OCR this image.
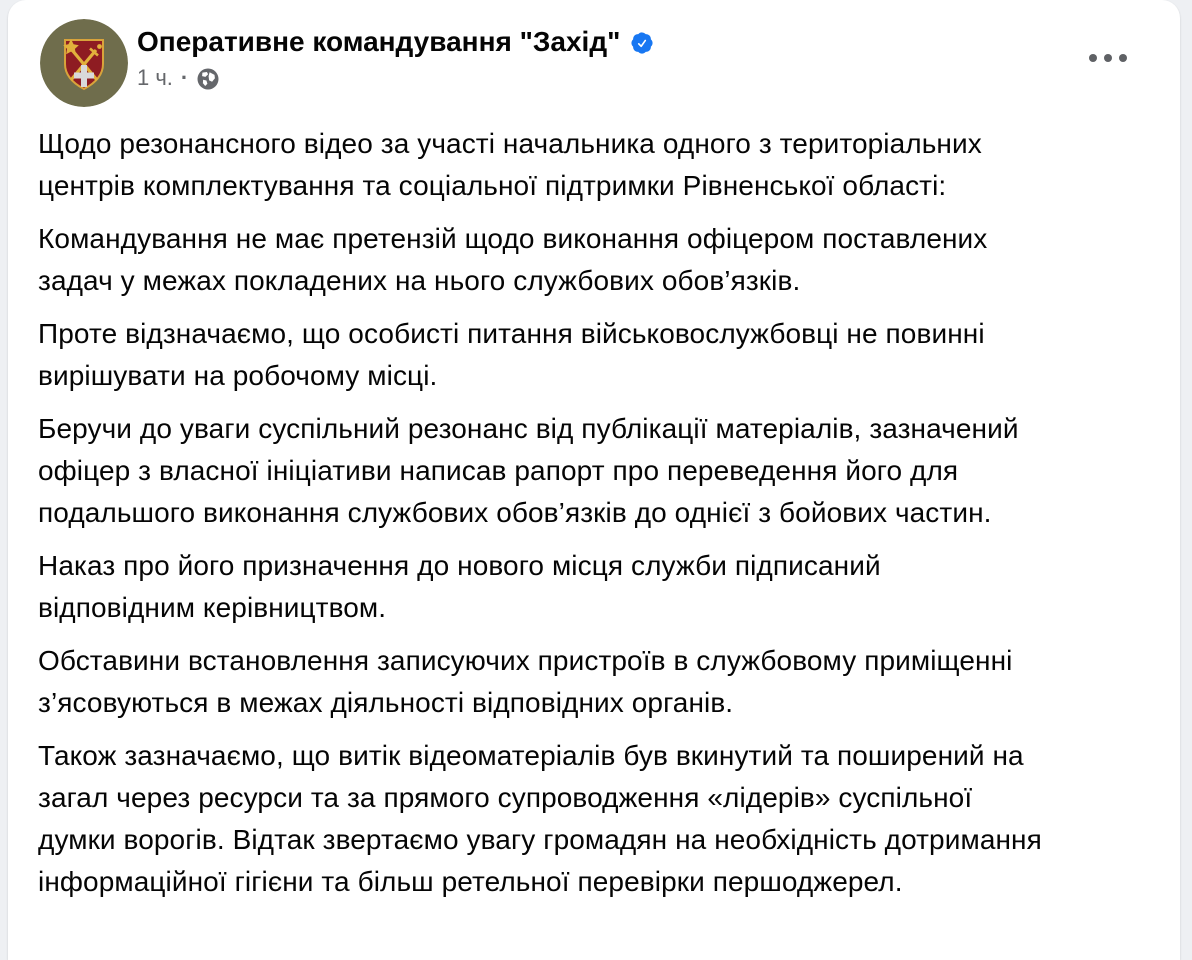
Оперативне командування "Захід"
1 ч. ·
Щодо резонансного відео за участі начальника одного з територіальних
центрів комплектування та соціальної підтримки Рівненської області:
Командування не має претензій щодо виконання офіцером поставлених
задач у межах покладених на нього службових обов’язків.
Проте відзначаємо, що особисті питання військовослужбовці не повинні
вирішувати на робочому місці.
Беручи до уваги суспільний резонанс від публікації матеріалів, зазначений
офіцер з власної ініціативи написав рапорт про переведення його для
подальшого виконання службових обов’язків до однієї з бойових частин.
Наказ про його призначення до нового місця служби підписаний
відповідним керівництвом.
Обставини встановлення записуючих пристроїв в службовому приміщенні
з’ясовуються в межах діяльності відповідних органів.
Також зазначаємо, що витік відеоматеріалів був вкинутий та поширений на
загал через ресурси та за прямого супроводження «лідерів» суспільної
думки ворогів. Відтак звертаємо увагу громадян на необхідність дотримання
інформаційної гігієни та більш ретельної перевірки першоджерел.
